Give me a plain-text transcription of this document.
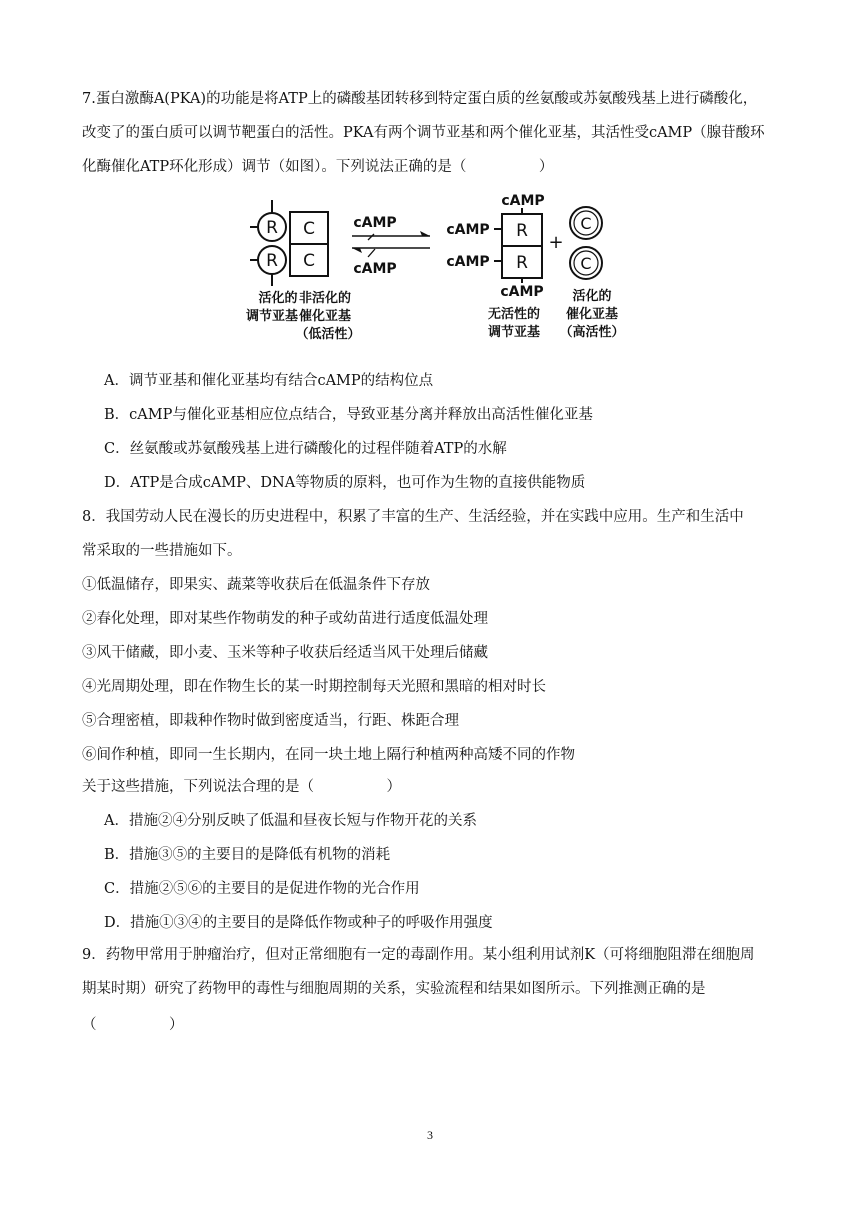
7.蛋白激酶A(PKA)的功能是将ATP上的磷酸基团转移到特定蛋白质的丝氨酸或苏氨酸残基上进行磷酸化，
改变了的蛋白质可以调节靶蛋白的活性。PKA有两个调节亚基和两个催化亚基，其活性受cAMP（腺苷酸环
化酶催化ATP环化形成）调节（如图）。下列说法正确的是（　　　　　）
R
R
C
C
活化的
调节亚基
非活化的
催化亚基
（低活性）
cAMP
cAMP
cAMP
cAMP
cAMP
R
R
cAMP
+
C
C
无活性的
调节亚基
活化的
催化亚基
（高活性）
A．调节亚基和催化亚基均有结合cAMP的结构位点
B．cAMP与催化亚基相应位点结合，导致亚基分离并释放出高活性催化亚基
C．丝氨酸或苏氨酸残基上进行磷酸化的过程伴随着ATP的水解
D．ATP是合成cAMP、DNA等物质的原料，也可作为生物的直接供能物质
8．我国劳动人民在漫长的历史进程中，积累了丰富的生产、生活经验，并在实践中应用。生产和生活中
常采取的一些措施如下。
①低温储存，即果实、蔬菜等收获后在低温条件下存放
②春化处理，即对某些作物萌发的种子或幼苗进行适度低温处理
③风干储藏，即小麦、玉米等种子收获后经适当风干处理后储藏
④光周期处理，即在作物生长的某一时期控制每天光照和黑暗的相对时长
⑤合理密植，即栽种作物时做到密度适当，行距、株距合理
⑥间作种植，即同一生长期内，在同一块土地上隔行种植两种高矮不同的作物
关于这些措施，下列说法合理的是（　　　　　）
A．措施②④分别反映了低温和昼夜长短与作物开花的关系
B．措施③⑤的主要目的是降低有机物的消耗
C．措施②⑤⑥的主要目的是促进作物的光合作用
D．措施①③④的主要目的是降低作物或种子的呼吸作用强度
9．药物甲常用于肿瘤治疗，但对正常细胞有一定的毒副作用。某小组利用试剂K（可将细胞阻滞在细胞周
期某时期）研究了药物甲的毒性与细胞周期的关系，实验流程和结果如图所示。下列推测正确的是
（　　　　　）
3
